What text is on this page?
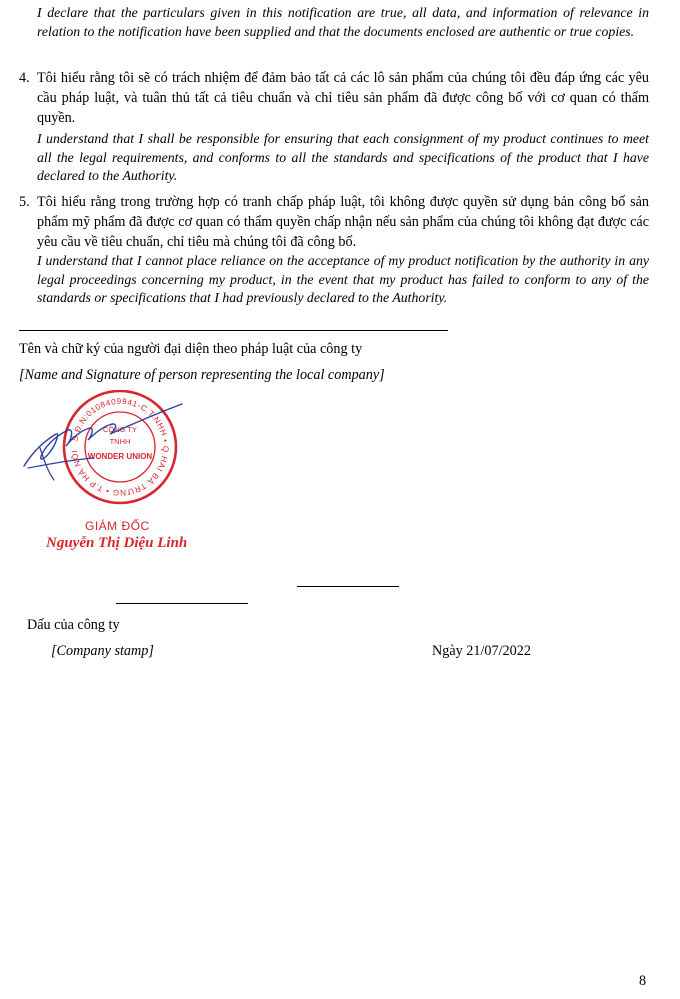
I declare that the particulars given in this notification are true, all data, and information of relevance in relation to the notification have been supplied and that the documents enclosed are authentic or true copies.
4. Tôi hiểu rằng tôi sẽ có trách nhiệm để đảm bảo tất cả các lô sản phẩm của chúng tôi đều đáp ứng các yêu cầu pháp luật, và tuân thủ tất cả tiêu chuẩn và chỉ tiêu sản phẩm đã được công bố với cơ quan có thẩm quyền.
I understand that I shall be responsible for ensuring that each consignment of my product continues to meet all the legal requirements, and conforms to all the standards and specifications of the product that I have declared to the Authority.
5. Tôi hiểu rằng trong trường hợp có tranh chấp pháp luật, tôi không được quyền sử dụng bản công bố sản phẩm mỹ phẩm đã được cơ quan có thẩm quyền chấp nhận nếu sản phẩm của chúng tôi không đạt được các yêu cầu về tiêu chuẩn, chỉ tiêu mà chúng tôi đã công bố.
I understand that I cannot place reliance on the acceptance of my product notification by the authority in any legal proceedings concerning my product, in the event that my product has failed to conform to any of the standards or specifications that I had previously declared to the Authority.
Tên và chữ ký của người đại diện theo pháp luật của công ty
[Name and Signature of person representing the local company]
S.Đ.N:0108409941-C.T.NHH • Q.HAI BÀ TRƯNG • T.P HÀ NỘI
CÔNG TY
TNHH
WONDER UNION
GIÁM ĐỐC
Nguyễn Thị Diệu Linh
Dấu của công ty
[Company stamp]	Ngày 21/07/2022
8
